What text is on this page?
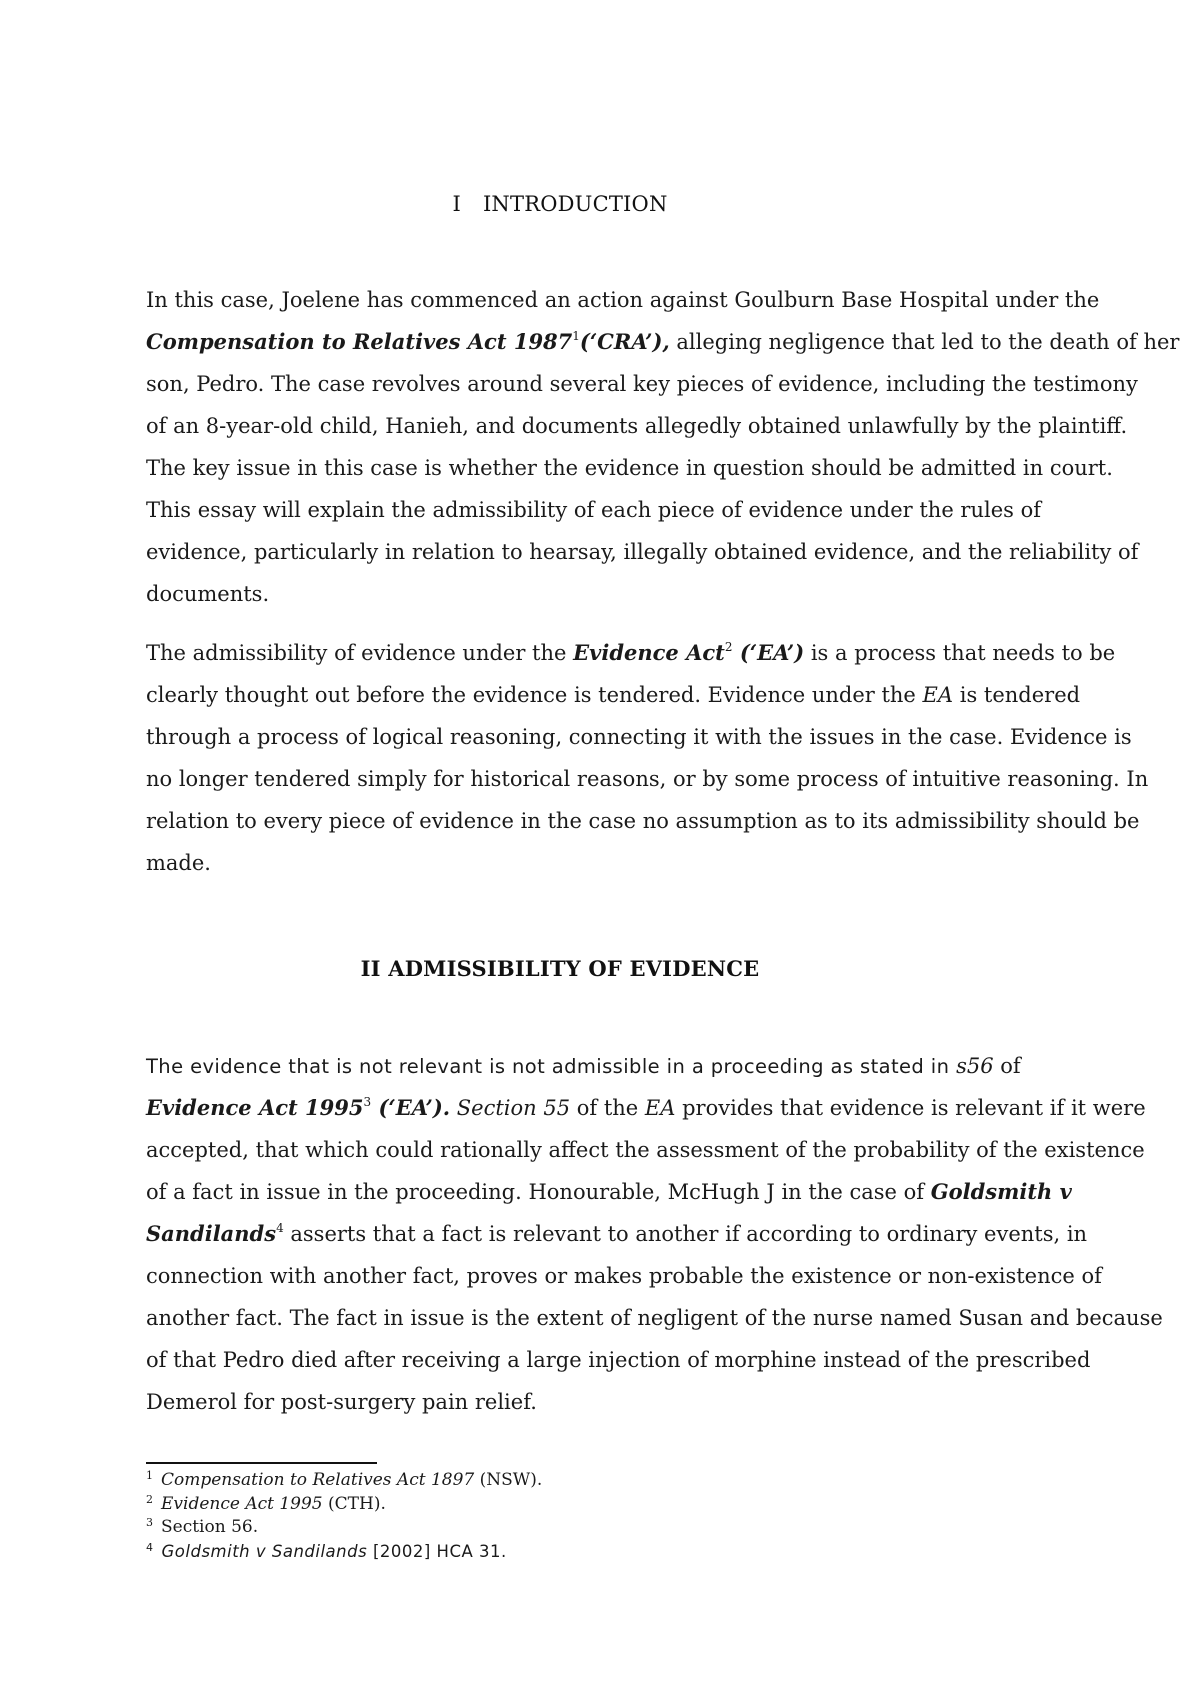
I INTRODUCTION
In this case, Joelene has commenced an action against Goulburn Base Hospital under the
Compensation to Relatives Act 1987$^1$(‘CRA’), alleging negligence that led to the death of her
son, Pedro. The case revolves around several key pieces of evidence, including the testimony
of an 8-year-old child, Hanieh, and documents allegedly obtained unlawfully by the plaintiff.
The key issue in this case is whether the evidence in question should be admitted in court.
This essay will explain the admissibility of each piece of evidence under the rules of
evidence, particularly in relation to hearsay, illegally obtained evidence, and the reliability of
documents.
The admissibility of evidence under the Evidence Act$^2$ (‘EA’) is a process that needs to be
clearly thought out before the evidence is tendered. Evidence under the EA is tendered
through a process of logical reasoning, connecting it with the issues in the case. Evidence is
no longer tendered simply for historical reasons, or by some process of intuitive reasoning. In
relation to every piece of evidence in the case no assumption as to its admissibility should be
made.
II ADMISSIBILITY OF EVIDENCE
The evidence that is not relevant is not admissible in a proceeding as stated in s56 of
Evidence Act 1995$^3$ (‘EA’). Section 55 of the EA provides that evidence is relevant if it were
accepted, that which could rationally affect the assessment of the probability of the existence
of a fact in issue in the proceeding. Honourable, McHugh J in the case of Goldsmith v
Sandilands$^4$ asserts that a fact is relevant to another if according to ordinary events, in
connection with another fact, proves or makes probable the existence or non-existence of
another fact. The fact in issue is the extent of negligent of the nurse named Susan and because
of that Pedro died after receiving a large injection of morphine instead of the prescribed
Demerol for post-surgery pain relief.
$^1$ Compensation to Relatives Act 1897 (NSW).
$^2$ Evidence Act 1995 (CTH).
$^3$ Section 56.
$^4$ Goldsmith v Sandilands [2002] HCA 31.
